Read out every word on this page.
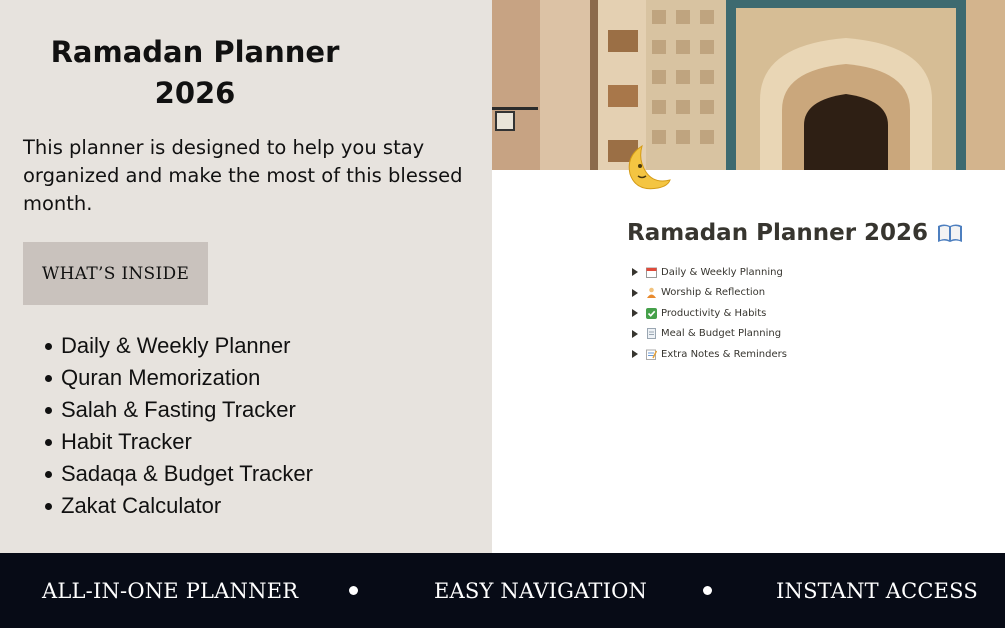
Ramadan Planner 2026

This planner is designed to help you stay organized and make the most of this blessed month.

WHAT’S INSIDE
Daily & Weekly Planner
Quran Memorization
Salah & Fasting Tracker
Habit Tracker
Sadaqa & Budget Tracker
Zakat Calculator
Ramadan Planner 2026
Daily & Weekly Planning
Worship & Reflection
Productivity & Habits
Meal & Budget Planning
Extra Notes & Reminders
ALL-IN-ONE PLANNER	EASY NAVIGATION	INSTANT ACCESS
